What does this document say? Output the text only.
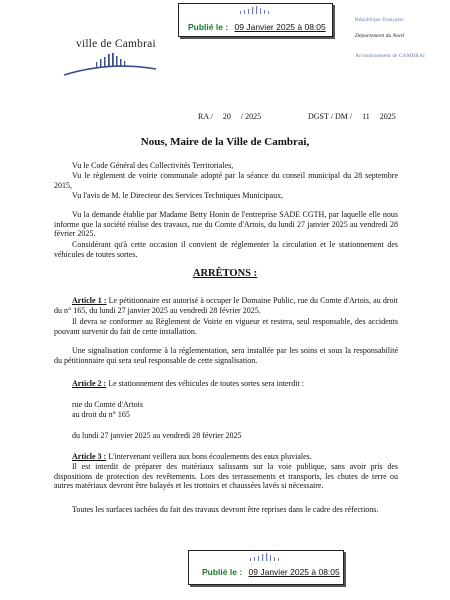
Publié le : 09 Janvier 2025 à 08:05
ville de Cambrai
République Française
Département du Nord
Arrondissement de CAMBRAI
RA / 20 / 2025	DGST / DM / 11 2025
Nous, Maire de la Ville de Cambrai,
Vu le Code Général des Collectivités Territoriales,
Vu le règlement de voirie communale adopté par la séance du conseil municipal du 28 septembre 2015,
Vu l'avis de M. le Directeur des Services Techniques Municipaux,
Vu la demande établie par Madame Betty Honin de l'entreprise SADE CGTH, par laquelle elle nous informe que la société réalise des travaux, rue du Comte d'Artois, du lundi 27 janvier 2025 au vendredi 28 février 2025.
Considérant qu'à cette occasion il convient de réglementer la circulation et le stationnement des véhicules de toutes sortes.
ARRÊTONS :
Article 1 : Le pétitionnaire est autorisé à occuper le Domaine Public, rue du Comte d'Artois, au droit du n° 165, du lundi 27 janvier 2025 au vendredi 28 février 2025.
Il devra se conformer au Règlement de Voirie en vigueur et restera, seul responsable, des accidents pouvant survenir du fait de cette installation.
Une signalisation conforme à la réglementation, sera installée par les soins et sous la responsabilité du pétitionnaire qui sera seul responsable de cette signalisation.
Article 2 : Le stationnement des véhicules de toutes sortes sera interdit :
rue du Comte d'Artois
au droit du n° 165
du lundi 27 janvier 2025 au vendredi 28 février 2025
Article 3 : L'intervenant veillera aux bons écoulements des eaux pluviales.
Il est interdit de préparer des matériaux salissants sur la voie publique, sans avoir pris des dispositions de protection des revêtements. Lors des terrassements et transports, les chutes de terre ou autres matériaux devront être balayés et les trottoirs et chaussées lavés si nécessaire.
Toutes les surfaces tachées du fait des travaux devront être reprises dans le cadre des réfections.
Publié le : 09 Janvier 2025 à 08:05
